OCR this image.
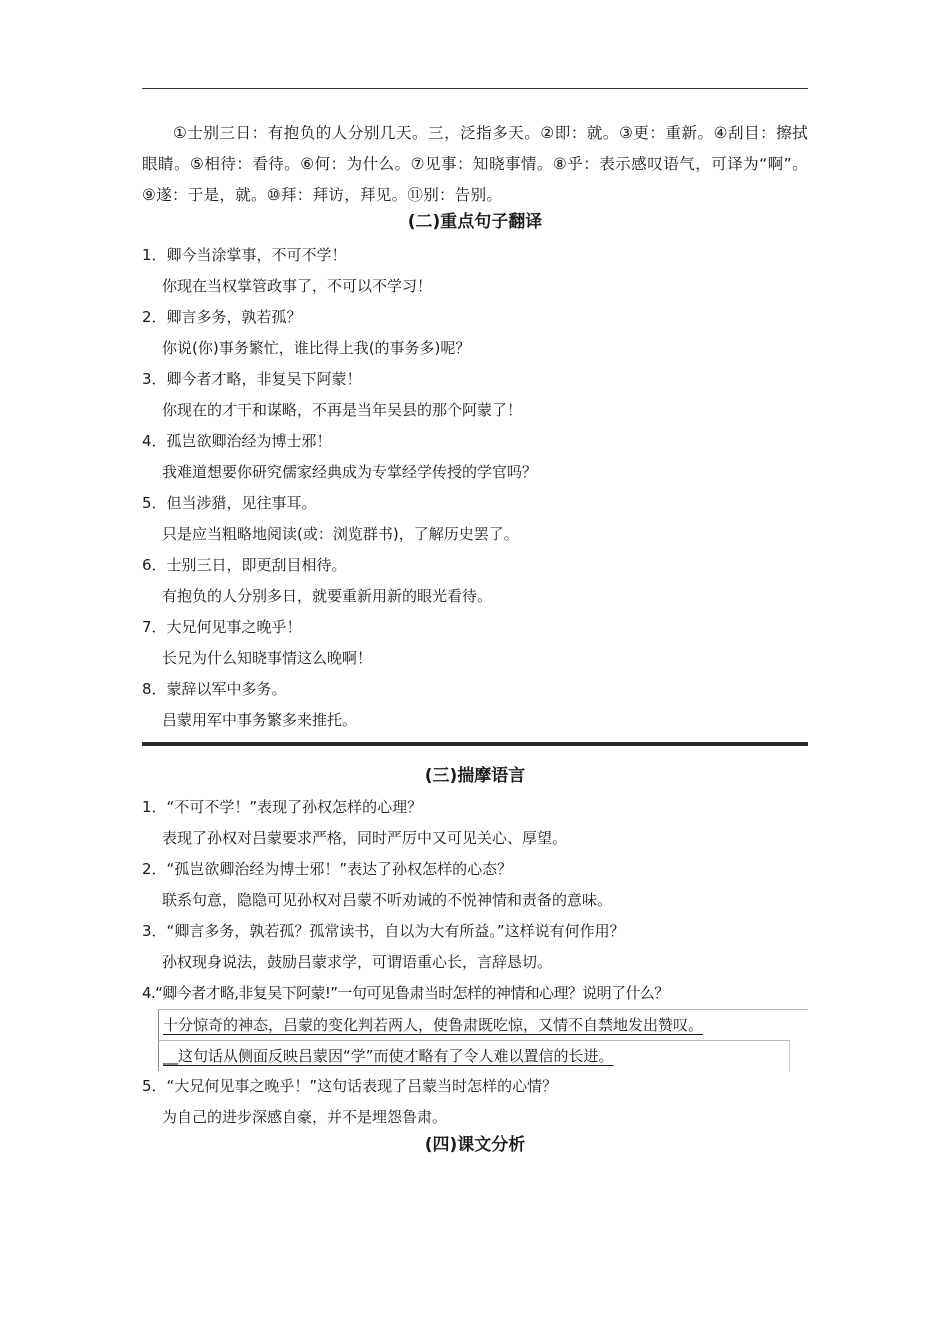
①士别三日：有抱负的人分别几天。三，泛指多天。②即：就。③更：重新。④刮目：擦拭眼睛。⑤相待：看待。⑥何：为什么。⑦见事：知晓事情。⑧乎：表示感叹语气，可译为“啊”。⑨遂：于是，就。⑩拜：拜访，拜见。⑪别：告别。
(二)重点句子翻译
1．卿今当涂掌事，不可不学！
你现在当权掌管政事了，不可以不学习！
2．卿言多务，孰若孤？
你说(你)事务繁忙，谁比得上我(的事务多)呢？
3．卿今者才略，非复吴下阿蒙！
你现在的才干和谋略，不再是当年吴县的那个阿蒙了！
4．孤岂欲卿治经为博士邪！
我难道想要你研究儒家经典成为专掌经学传授的学官吗？
5．但当涉猎，见往事耳。
只是应当粗略地阅读(或：浏览群书)，了解历史罢了。
6．士别三日，即更刮目相待。
有抱负的人分别多日，就要重新用新的眼光看待。
7．大兄何见事之晚乎！
长兄为什么知晓事情这么晚啊！
8．蒙辞以军中多务。
吕蒙用军中事务繁多来推托。
(三)揣摩语言
1．“不可不学！”表现了孙权怎样的心理？
表现了孙权对吕蒙要求严格，同时严厉中又可见关心、厚望。
2．“孤岂欲卿治经为博士邪！”表达了孙权怎样的心态？
联系句意，隐隐可见孙权对吕蒙不听劝诫的不悦神情和责备的意味。
3．“卿言多务，孰若孤？孤常读书，自以为大有所益。”这样说有何作用？
孙权现身说法，鼓励吕蒙求学，可谓语重心长，言辞恳切。
4.“卿今者才略,非复吴下阿蒙!”一句可见鲁肃当时怎样的神情和心理？说明了什么？
十分惊奇的神态，吕蒙的变化判若两人，使鲁肃既吃惊，又情不自禁地发出赞叹。
__这句话从侧面反映吕蒙因“学”而使才略有了令人难以置信的长进。
5．“大兄何见事之晚乎！”这句话表现了吕蒙当时怎样的心情？
为自己的进步深感自豪，并不是埋怨鲁肃。
(四)课文分析
